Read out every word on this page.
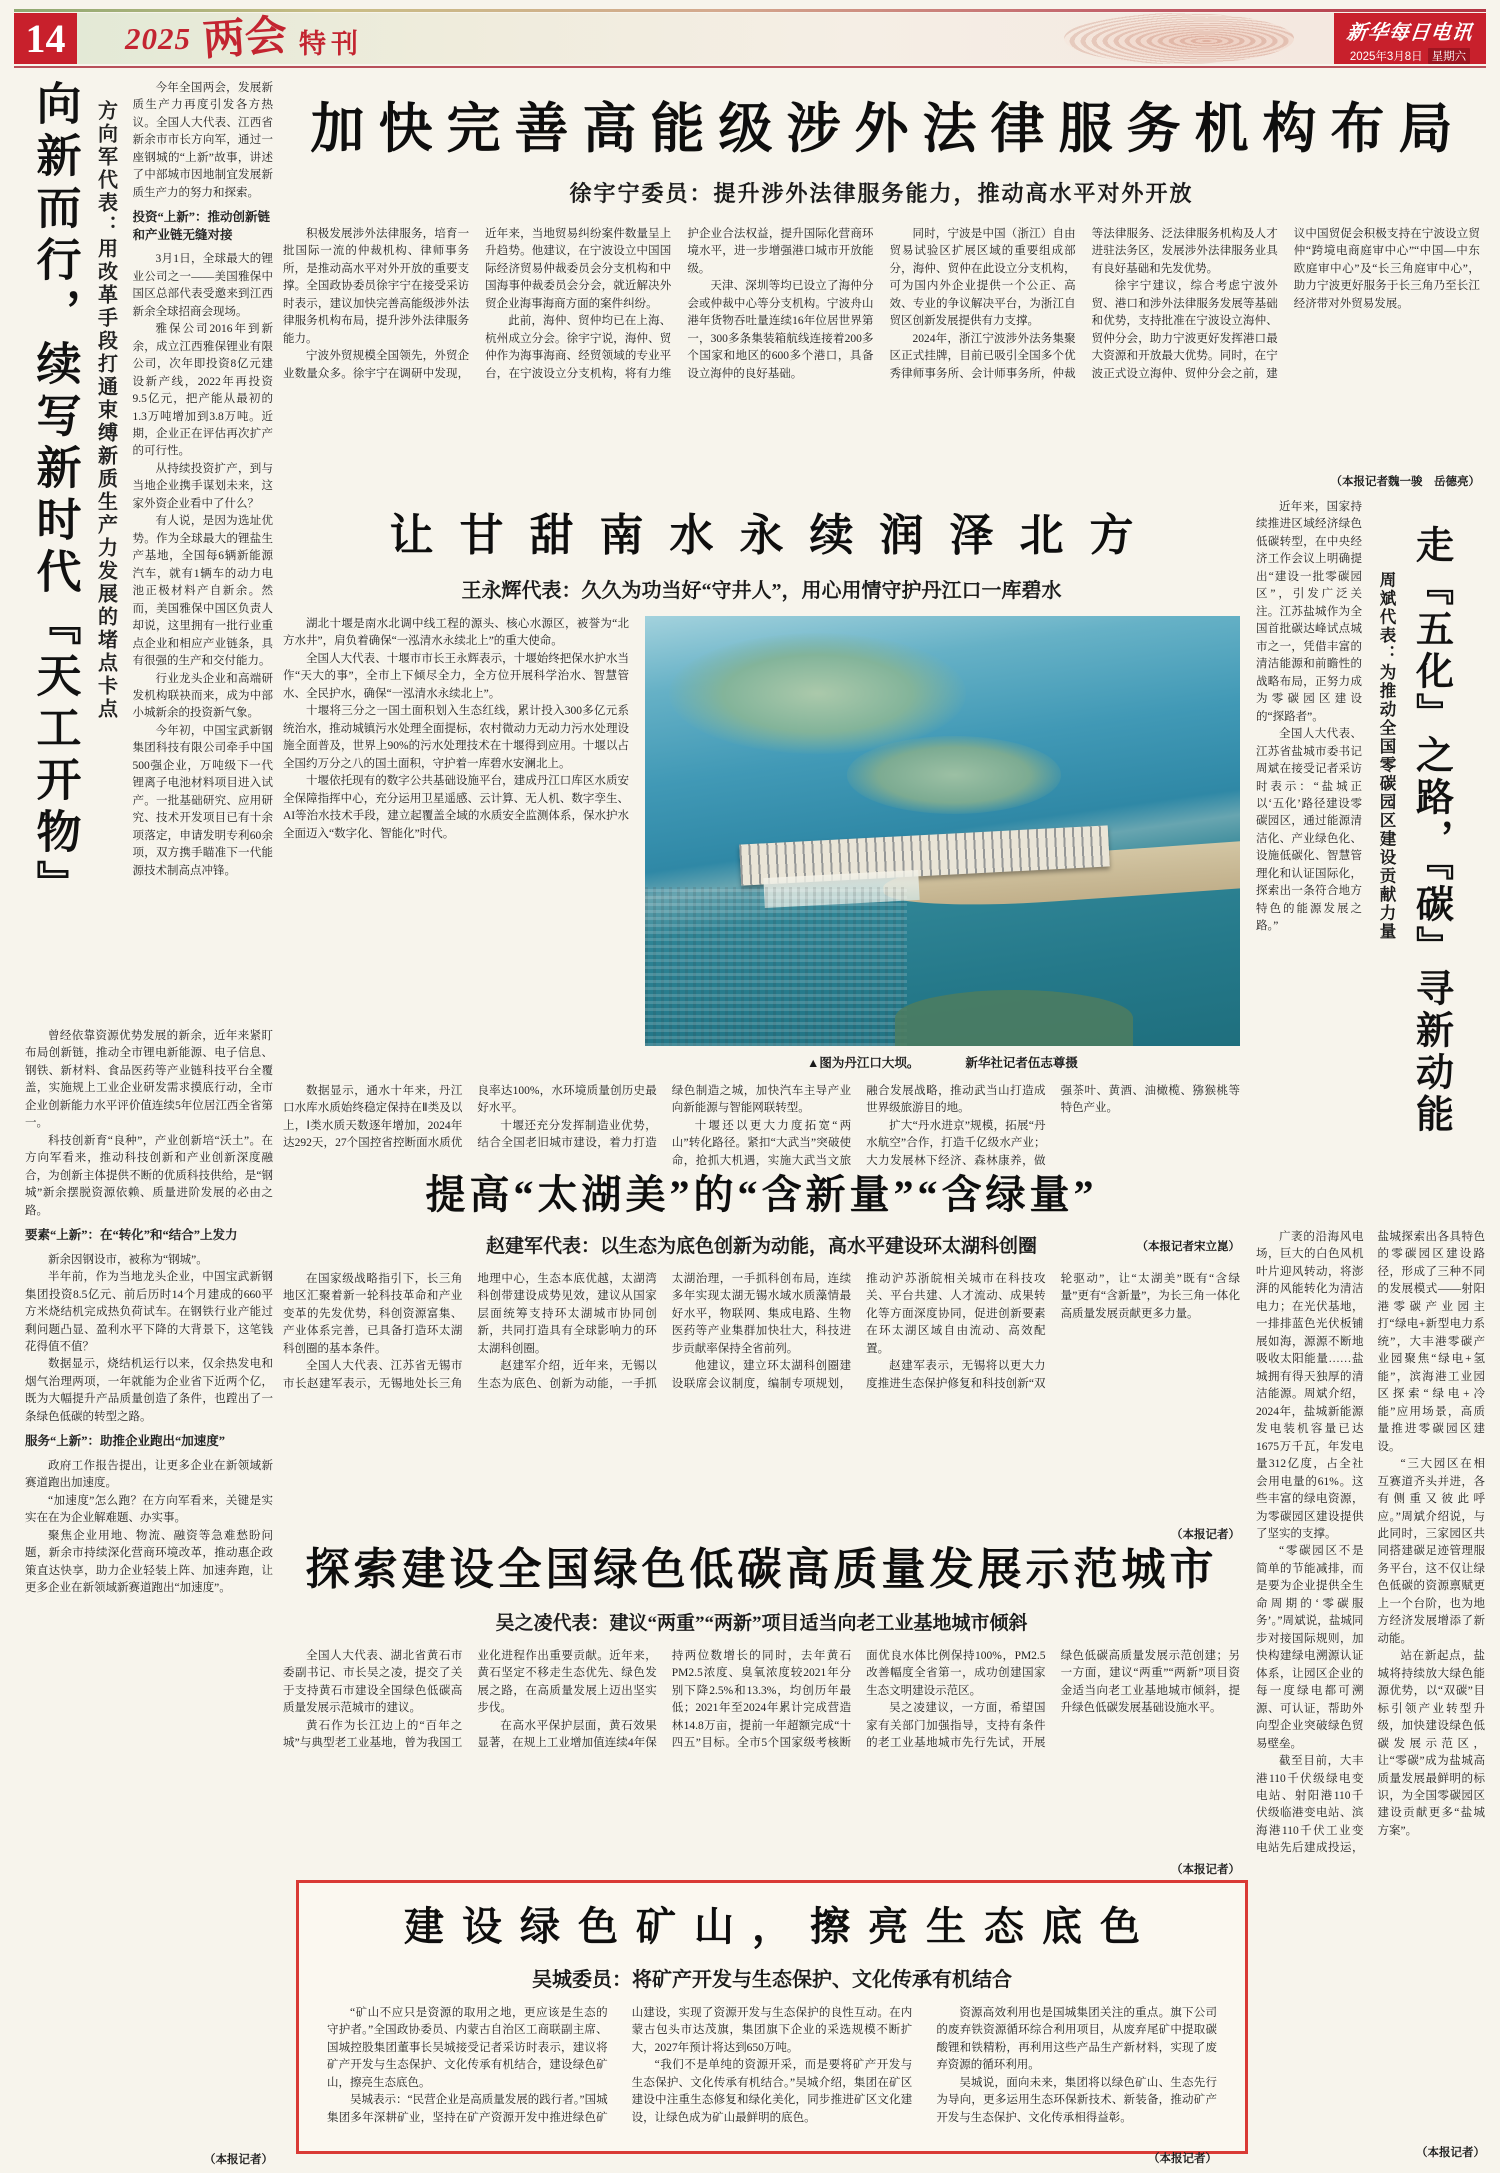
14	2025 两会 特刊	新华每日电讯
2025年3月8日 星期六
向新而行，续写新时代『天工开物』 方向军代表：用改革手段打通束缚新质生产力发展的堵点卡点

今年全国两会，发展新质生产力再度引发各方热议。全国人大代表、江西省新余市市长方向军，通过一座钢城的“上新”故事，讲述了中部城市因地制宜发展新质生产力的努力和探索。

投资“上新”：推动创新链和产业链无缝对接

3月1日，全球最大的锂业公司之一——美国雅保中国区总部代表受邀来到江西新余全球招商会现场。

雅保公司2016年到新余，成立江西雅保锂业有限公司，次年即投资8亿元建设新产线，2022年再投资9.5亿元，把产能从最初的1.3万吨增加到3.8万吨。近期，企业正在评估再次扩产的可行性。

从持续投资扩产，到与当地企业携手谋划未来，这家外资企业看中了什么？

有人说，是因为选址优势。作为全球最大的锂盐生产基地，全国每6辆新能源汽车，就有1辆车的动力电池正极材料产自新余。然而，美国雅保中国区负责人却说，这里拥有一批行业重点企业和相应产业链条，具有很强的生产和交付能力。

行业龙头企业和高端研发机构联袂而来，成为中部小城新余的投资新气象。

今年初，中国宝武新钢集团科技有限公司牵手中国500强企业，万吨级下一代锂离子电池材料项目进入试产。一批基础研究、应用研究、技术开发项目已有十余项落定，申请发明专利60余项，双方携手瞄准下一代能源技术制高点冲锋。

曾经依靠资源优势发展的新余，近年来紧盯布局创新链，推动全市锂电新能源、电子信息、钢铁、新材料、食品医药等产业链科技平台全覆盖，实施规上工业企业研发需求摸底行动，全市企业创新能力水平评价值连续5年位居江西全省第一。

科技创新育“良种”，产业创新培“沃土”。在方向军看来，推动科技创新和产业创新深度融合，为创新主体提供不断的优质科技供给，是“钢城”新余摆脱资源依赖、质量进阶发展的必由之路。

要素“上新”：在“转化”和“结合”上发力

新余因钢设市，被称为“钢城”。

半年前，作为当地龙头企业，中国宝武新钢集团投资8.5亿元、前后历时14个月建成的660平方米烧结机完成热负荷试车。在钢铁行业产能过剩问题凸显、盈利水平下降的大背景下，这笔钱花得值不值？

数据显示，烧结机运行以来，仅余热发电和烟气治理两项，一年就能为企业省下近两个亿，既为大幅提升产品质量创造了条件，也蹚出了一条绿色低碳的转型之路。

服务“上新”：助推企业跑出“加速度”

政府工作报告提出，让更多企业在新领域新赛道跑出加速度。

“加速度”怎么跑？在方向军看来，关键是实实在在为企业解难题、办实事。

聚焦企业用地、物流、融资等急难愁盼问题，新余市持续深化营商环境改革，推动惠企政策直达快享，助力企业轻装上阵、加速奔跑，让更多企业在新领域新赛道跑出“加速度”。

（本报记者）
加快完善高能级涉外法律服务机构布局
徐宇宁委员：提升涉外法律服务能力，推动高水平对外开放

积极发展涉外法律服务，培育一批国际一流的仲裁机构、律师事务所，是推动高水平对外开放的重要支撑。全国政协委员徐宇宁在接受采访时表示，建议加快完善高能级涉外法律服务机构布局，提升涉外法律服务能力。

宁波外贸规模全国领先，外贸企业数量众多。徐宇宁在调研中发现，近年来，当地贸易纠纷案件数量呈上升趋势。他建议，在宁波设立中国国际经济贸易仲裁委员会分支机构和中国海事仲裁委员会分会，就近解决外贸企业海事海商方面的案件纠纷。

此前，海仲、贸仲均已在上海、杭州成立分会。徐宇宁说，海仲、贸仲作为海事海商、经贸领域的专业平台，在宁波设立分支机构，将有力维护企业合法权益，提升国际化营商环境水平，进一步增强港口城市开放能级。

天津、深圳等均已设立了海仲分会或仲裁中心等分支机构。宁波舟山港年货物吞吐量连续16年位居世界第一，300多条集装箱航线连接着200多个国家和地区的600多个港口，具备设立海仲的良好基础。

同时，宁波是中国（浙江）自由贸易试验区扩展区域的重要组成部分，海仲、贸仲在此设立分支机构，可为国内外企业提供一个公正、高效、专业的争议解决平台，为浙江自贸区创新发展提供有力支撑。

2024年，浙江宁波涉外法务集聚区正式挂牌，目前已吸引全国多个优秀律师事务所、会计师事务所，仲裁等法律服务、泛法律服务机构及人才进驻法务区，发展涉外法律服务业具有良好基础和先发优势。

徐宇宁建议，综合考虑宁波外贸、港口和涉外法律服务发展等基础和优势，支持批准在宁波设立海仲、贸仲分会，助力宁波更好发挥港口最大资源和开放最大优势。同时，在宁波正式设立海仲、贸仲分会之前，建议中国贸促会积极支持在宁波设立贸仲“跨境电商庭审中心”“中国—中东欧庭审中心”及“长三角庭审中心”，助力宁波更好服务于长三角乃至长江经济带对外贸易发展。

（本报记者魏一骏　岳德亮）
让甘甜南水永续润泽北方
王永辉代表：久久为功当好“守井人”，用心用情守护丹江口一库碧水

湖北十堰是南水北调中线工程的源头、核心水源区，被誉为“北方水井”，肩负着确保“一泓清水永续北上”的重大使命。

全国人大代表、十堰市市长王永辉表示，十堰始终把保水护水当作“天大的事”，全市上下倾尽全力，全方位开展科学治水、智慧管水、全民护水，确保“一泓清水永续北上”。

十堰将三分之一国土面积划入生态红线，累计投入300多亿元系统治水，推动城镇污水处理全面提标，农村微动力无动力污水处理设施全面普及，世界上90%的污水处理技术在十堰得到应用。十堰以占全国约万分之八的国土面积，守护着一库碧水安澜北上。

十堰依托现有的数字公共基础设施平台，建成丹江口库区水质安全保障指挥中心，充分运用卫星遥感、云计算、无人机、数字孪生、AI等治水技术手段，建立起覆盖全域的水质安全监测体系，保水护水全面迈入“数字化、智能化”时代。

▲图为丹江口大坝。	新华社记者伍志尊摄

数据显示，通水十年来，丹江口水库水质始终稳定保持在Ⅱ类及以上，Ⅰ类水质天数逐年增加，2024年达292天，27个国控省控断面水质优良率达100%，水环境质量创历史最好水平。

十堰还充分发挥制造业优势，结合全国老旧城市建设，着力打造绿色制造之城，加快汽车主导产业向新能源与智能网联转型。

十堰还以更大力度拓宽“两山”转化路径。紧扣“大武当”突破使命，抢抓大机遇，实施大武当文旅融合发展战略，推动武当山打造成世界级旅游目的地。

扩大“丹水进京”规模，拓展“丹水航空”合作，打造千亿级水产业；大力发展林下经济、森林康养，做强茶叶、黄酒、油橄榄、猕猴桃等特色产业。

（本报记者宋立崑）
提高“太湖美”的“含新量”“含绿量”
赵建军代表：以生态为底色创新为动能，高水平建设环太湖科创圈

在国家级战略指引下，长三角地区汇聚着新一轮科技革命和产业变革的先发优势，科创资源富集、产业体系完善，已具备打造环太湖科创圈的基本条件。

全国人大代表、江苏省无锡市市长赵建军表示，无锡地处长三角地理中心，生态本底优越，太湖湾科创带建设成势见效，建议从国家层面统筹支持环太湖城市协同创新，共同打造具有全球影响力的环太湖科创圈。

赵建军介绍，近年来，无锡以生态为底色、创新为动能，一手抓太湖治理，一手抓科创布局，连续多年实现太湖无锡水域水质藻情最好水平，物联网、集成电路、生物医药等产业集群加快壮大，科技进步贡献率保持全省前列。

他建议，建立环太湖科创圈建设联席会议制度，编制专项规划，推动沪苏浙皖相关城市在科技攻关、平台共建、人才流动、成果转化等方面深度协同，促进创新要素在环太湖区域自由流动、高效配置。

赵建军表示，无锡将以更大力度推进生态保护修复和科技创新“双轮驱动”，让“太湖美”既有“含绿量”更有“含新量”，为长三角一体化高质量发展贡献更多力量。

（本报记者）
探索建设全国绿色低碳高质量发展示范城市
吴之凌代表：建议“两重”“两新”项目适当向老工业基地城市倾斜

全国人大代表、湖北省黄石市委副书记、市长吴之凌，提交了关于支持黄石市建设全国绿色低碳高质量发展示范城市的建议。

黄石作为长江边上的“百年之城”与典型老工业基地，曾为我国工业化进程作出重要贡献。近年来，黄石坚定不移走生态优先、绿色发展之路，在高质量发展上迈出坚实步伐。

在高水平保护层面，黄石效果显著，在规上工业增加值连续4年保持两位数增长的同时，去年黄石PM2.5浓度、臭氧浓度较2021年分别下降2.5%和13.3%，均创历年最低；2021年至2024年累计完成营造林14.8万亩，提前一年超额完成“十四五”目标。全市5个国家级考核断面优良水体比例保持100%，PM2.5改善幅度全省第一，成功创建国家生态文明建设示范区。

吴之凌建议，一方面，希望国家有关部门加强指导，支持有条件的老工业基地城市先行先试，开展绿色低碳高质量发展示范创建；另一方面，建议“两重”“两新”项目资金适当向老工业基地城市倾斜，提升绿色低碳发展基础设施水平。

（本报记者）
建设绿色矿山，擦亮生态底色
吴城委员：将矿产开发与生态保护、文化传承有机结合

“矿山不应只是资源的取用之地，更应该是生态的守护者。”全国政协委员、内蒙古自治区工商联副主席、国城控股集团董事长吴城接受记者采访时表示，建议将矿产开发与生态保护、文化传承有机结合，建设绿色矿山，擦亮生态底色。

吴城表示：“民营企业是高质量发展的践行者。”国城集团多年深耕矿业，坚持在矿产资源开发中推进绿色矿山建设，实现了资源开发与生态保护的良性互动。在内蒙古包头市达茂旗，集团旗下企业的采选规模不断扩大，2027年预计将达到650万吨。

“我们不是单纯的资源开采，而是要将矿产开发与生态保护、文化传承有机结合。”吴城介绍，集团在矿区建设中注重生态修复和绿化美化，同步推进矿区文化建设，让绿色成为矿山最鲜明的底色。

资源高效利用也是国城集团关注的重点。旗下公司的废弃铁资源循环综合利用项目，从废弃尾矿中提取碳酸锂和铁精粉，再利用这些产品生产新材料，实现了废弃资源的循环利用。

吴城说，面向未来，集团将以绿色矿山、生态先行为导向，更多运用生态环保新技术、新装备，推动矿产开发与生态保护、文化传承相得益彰。

（本报记者）

近年来，国家持续推进区域经济绿色低碳转型，在中央经济工作会议上明确提出“建设一批零碳园区”，引发广泛关注。江苏盐城作为全国首批碳达峰试点城市之一，凭借丰富的清洁能源和前瞻性的战略布局，正努力成为零碳园区建设的“探路者”。

全国人大代表、江苏省盐城市委书记周斌在接受记者采访时表示：“盐城正以‘五化’路径建设零碳园区，通过能源清洁化、产业绿色化、设施低碳化、智慧管理化和认证国际化，探索出一条符合地方特色的能源发展之路。”	周斌代表：为推动全国零碳园区建设贡献力量 走『五化』之路，『碳』寻新动能

广袤的沿海风电场，巨大的白色风机叶片迎风转动，将澎湃的风能转化为清洁电力；在光伏基地，一排排蓝色光伏板铺展如海，源源不断地吸收太阳能量……盐城拥有得天独厚的清洁能源。周斌介绍，2024年，盐城新能源发电装机容量已达1675万千瓦，年发电量312亿度，占全社会用电量的61%。这些丰富的绿电资源，为零碳园区建设提供了坚实的支撑。

“零碳园区不是简单的节能减排，而是要为企业提供全生命周期的‘零碳服务’。”周斌说，盐城同步对接国际规则，加快构建绿电溯源认证体系，让园区企业的每一度绿电都可溯源、可认证，帮助外向型企业突破绿色贸易壁垒。

截至目前，大丰港110千伏级绿电变电站、射阳港110千伏级临港变电站、滨海港110千伏工业变电站先后建成投运，盐城探索出各具特色的零碳园区建设路径，形成了三种不同的发展模式——射阳港零碳产业园主打“绿电+新型电力系统”，大丰港零碳产业园聚焦“绿电+氢能”，滨海港工业园区探索“绿电+冷能”应用场景，高质量推进零碳园区建设。

“三大园区在相互赛道齐头并进，各有侧重又彼此呼应。”周斌介绍说，与此同时，三家园区共同搭建碳足迹管理服务平台，这不仅让绿色低碳的资源禀赋更上一个台阶，也为地方经济发展增添了新动能。

站在新起点，盐城将持续放大绿色能源优势，以“双碳”目标引领产业转型升级，加快建设绿色低碳发展示范区，让“零碳”成为盐城高质量发展最鲜明的标识，为全国零碳园区建设贡献更多“盐城方案”。

（本报记者）
